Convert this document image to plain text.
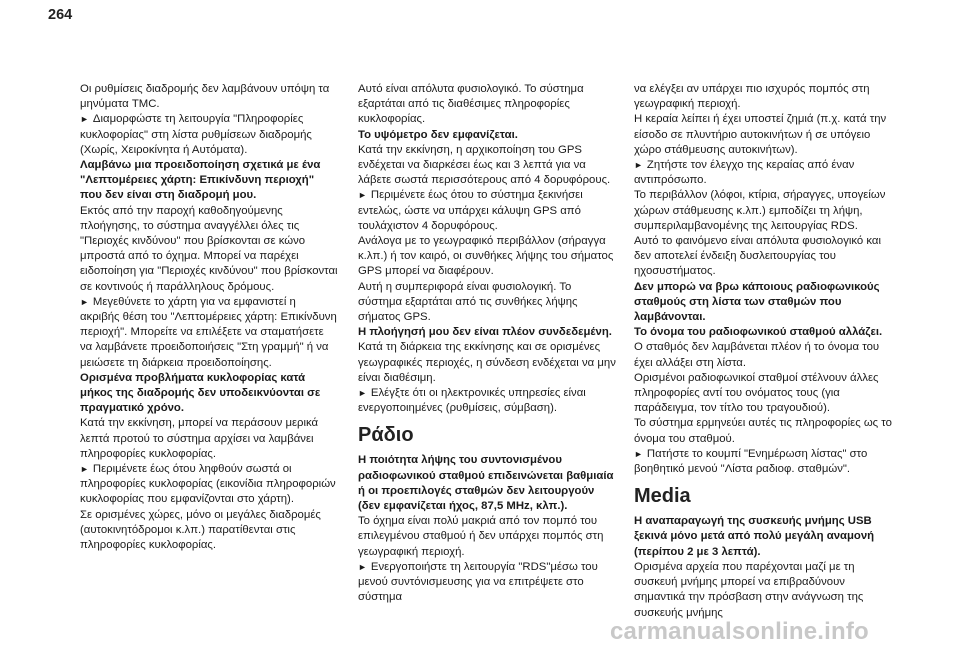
264

Οι ρυθμίσεις διαδρομής δεν λαμβάνουν υπόψη τα μηνύματα TMC.

► Διαμορφώστε τη λειτουργία "Πληροφορίες κυκλοφορίας" στη λίστα ρυθμίσεων διαδρομής (Χωρίς, Χειροκίνητα ή Αυτόματα).

Λαμβάνω μια προειδοποίηση σχετικά με ένα "Λεπτομέρειες χάρτη: Επικίνδυνη περιοχή" που δεν είναι στη διαδρομή μου.

Εκτός από την παροχή καθοδηγούμενης πλοήγησης, το σύστημα αναγγέλλει όλες τις "Περιοχές κινδύνου" που βρίσκονται σε κώνο μπροστά από το όχημα. Μπορεί να παρέχει ειδοποίηση για "Περιοχές κινδύνου" που βρίσκονται σε κοντινούς ή παράλληλους δρόμους.

► Μεγεθύνετε το χάρτη για να εμφανιστεί η ακριβής θέση του "Λεπτομέρειες χάρτη: Επικίνδυνη περιοχή". Μπορείτε να επιλέξετε να σταματήσετε να λαμβάνετε προειδοποιήσεις "Στη γραμμή" ή να μειώσετε τη διάρκεια προειδοποίησης.

Ορισμένα προβλήματα κυκλοφορίας κατά μήκος της διαδρομής δεν υποδεικνύονται σε πραγματικό χρόνο.

Κατά την εκκίνηση, μπορεί να περάσουν μερικά λεπτά προτού το σύστημα αρχίσει να λαμβάνει πληροφορίες κυκλοφορίας.

► Περιμένετε έως ότου ληφθούν σωστά οι πληροφορίες κυκλοφορίας (εικονίδια πληροφοριών κυκλοφορίας που εμφανίζονται στο χάρτη).

Σε ορισμένες χώρες, μόνο οι μεγάλες διαδρομές (αυτοκινητόδρομοι κ.λπ.) παρατίθενται στις πληροφορίες κυκλοφορίας.

Αυτό είναι απόλυτα φυσιολογικό. Το σύστημα εξαρτάται από τις διαθέσιμες πληροφορίες κυκλοφορίας.

Το υψόμετρο δεν εμφανίζεται.

Κατά την εκκίνηση, η αρχικοποίηση του GPS ενδέχεται να διαρκέσει έως και 3 λεπτά για να λάβετε σωστά περισσότερους από 4 δορυφόρους.

► Περιμένετε έως ότου το σύστημα ξεκινήσει εντελώς, ώστε να υπάρχει κάλυψη GPS από τουλάχιστον 4 δορυφόρους.

Ανάλογα με το γεωγραφικό περιβάλλον (σήραγγα κ.λπ.) ή τον καιρό, οι συνθήκες λήψης του σήματος GPS μπορεί να διαφέρουν.

Αυτή η συμπεριφορά είναι φυσιολογική. Το σύστημα εξαρτάται από τις συνθήκες λήψης σήματος GPS.

Η πλοήγησή μου δεν είναι πλέον συνδεδεμένη.

Κατά τη διάρκεια της εκκίνησης και σε ορισμένες γεωγραφικές περιοχές, η σύνδεση ενδέχεται να μην είναι διαθέσιμη.

► Ελέγξτε ότι οι ηλεκτρονικές υπηρεσίες είναι ενεργοποιημένες (ρυθμίσεις, σύμβαση).

Ράδιο

Η ποιότητα λήψης του συντονισμένου ραδιοφωνικού σταθμού επιδεινώνεται βαθμιαία ή οι προεπιλογές σταθμών δεν λειτουργούν (δεν εμφανίζεται ήχος, 87,5 MHz, κλπ.).

Το όχημα είναι πολύ μακριά από τον πομπό του επιλεγμένου σταθμού ή δεν υπάρχει πομπός στη γεωγραφική περιοχή.

► Ενεργοποιήστε τη λειτουργία "RDS"μέσω του μενού συντόνισμευσης για να επιτρέψετε στο σύστημα

να ελέγξει αν υπάρχει πιο ισχυρός πομπός στη γεωγραφική περιοχή.

Η κεραία λείπει ή έχει υποστεί ζημιά (π.χ. κατά την είσοδο σε πλυντήριο αυτοκινήτων ή σε υπόγειο χώρο στάθμευσης αυτοκινήτων).

► Ζητήστε τον έλεγχο της κεραίας από έναν αντιπρόσωπο.

Το περιβάλλον (λόφοι, κτίρια, σήραγγες, υπογείων χώρων στάθμευσης κ.λπ.) εμποδίζει τη λήψη, συμπεριλαμβανομένης της λειτουργίας RDS.

Αυτό το φαινόμενο είναι απόλυτα φυσιολογικό και δεν αποτελεί ένδειξη δυσλειτουργίας του ηχοσυστήματος.

Δεν μπορώ να βρω κάποιους ραδιοφωνικούς σταθμούς στη λίστα των σταθμών που λαμβάνονται.

Το όνομα του ραδιοφωνικού σταθμού αλλάζει.

Ο σταθμός δεν λαμβάνεται πλέον ή το όνομα του έχει αλλάξει στη λίστα.

Ορισμένοι ραδιοφωνικοί σταθμοί στέλνουν άλλες πληροφορίες αντί του ονόματος τους (για παράδειγμα, τον τίτλο του τραγουδιού).

Το σύστημα ερμηνεύει αυτές τις πληροφορίες ως το όνομα του σταθμού.

► Πατήστε το κουμπί "Ενημέρωση λίστας" στο βοηθητικό μενού "Λίστα ραδιοφ. σταθμών".

Media

Η αναπαραγωγή της συσκευής μνήμης USB ξεκινά μόνο μετά από πολύ μεγάλη αναμονή (περίπου 2 με 3 λεπτά).

Ορισμένα αρχεία που παρέχονται μαζί με τη συσκευή μνήμης μπορεί να επιβραδύνουν σημαντικά την πρόσβαση στην ανάγνωση της συσκευής μνήμης

carmanualsonline.info
